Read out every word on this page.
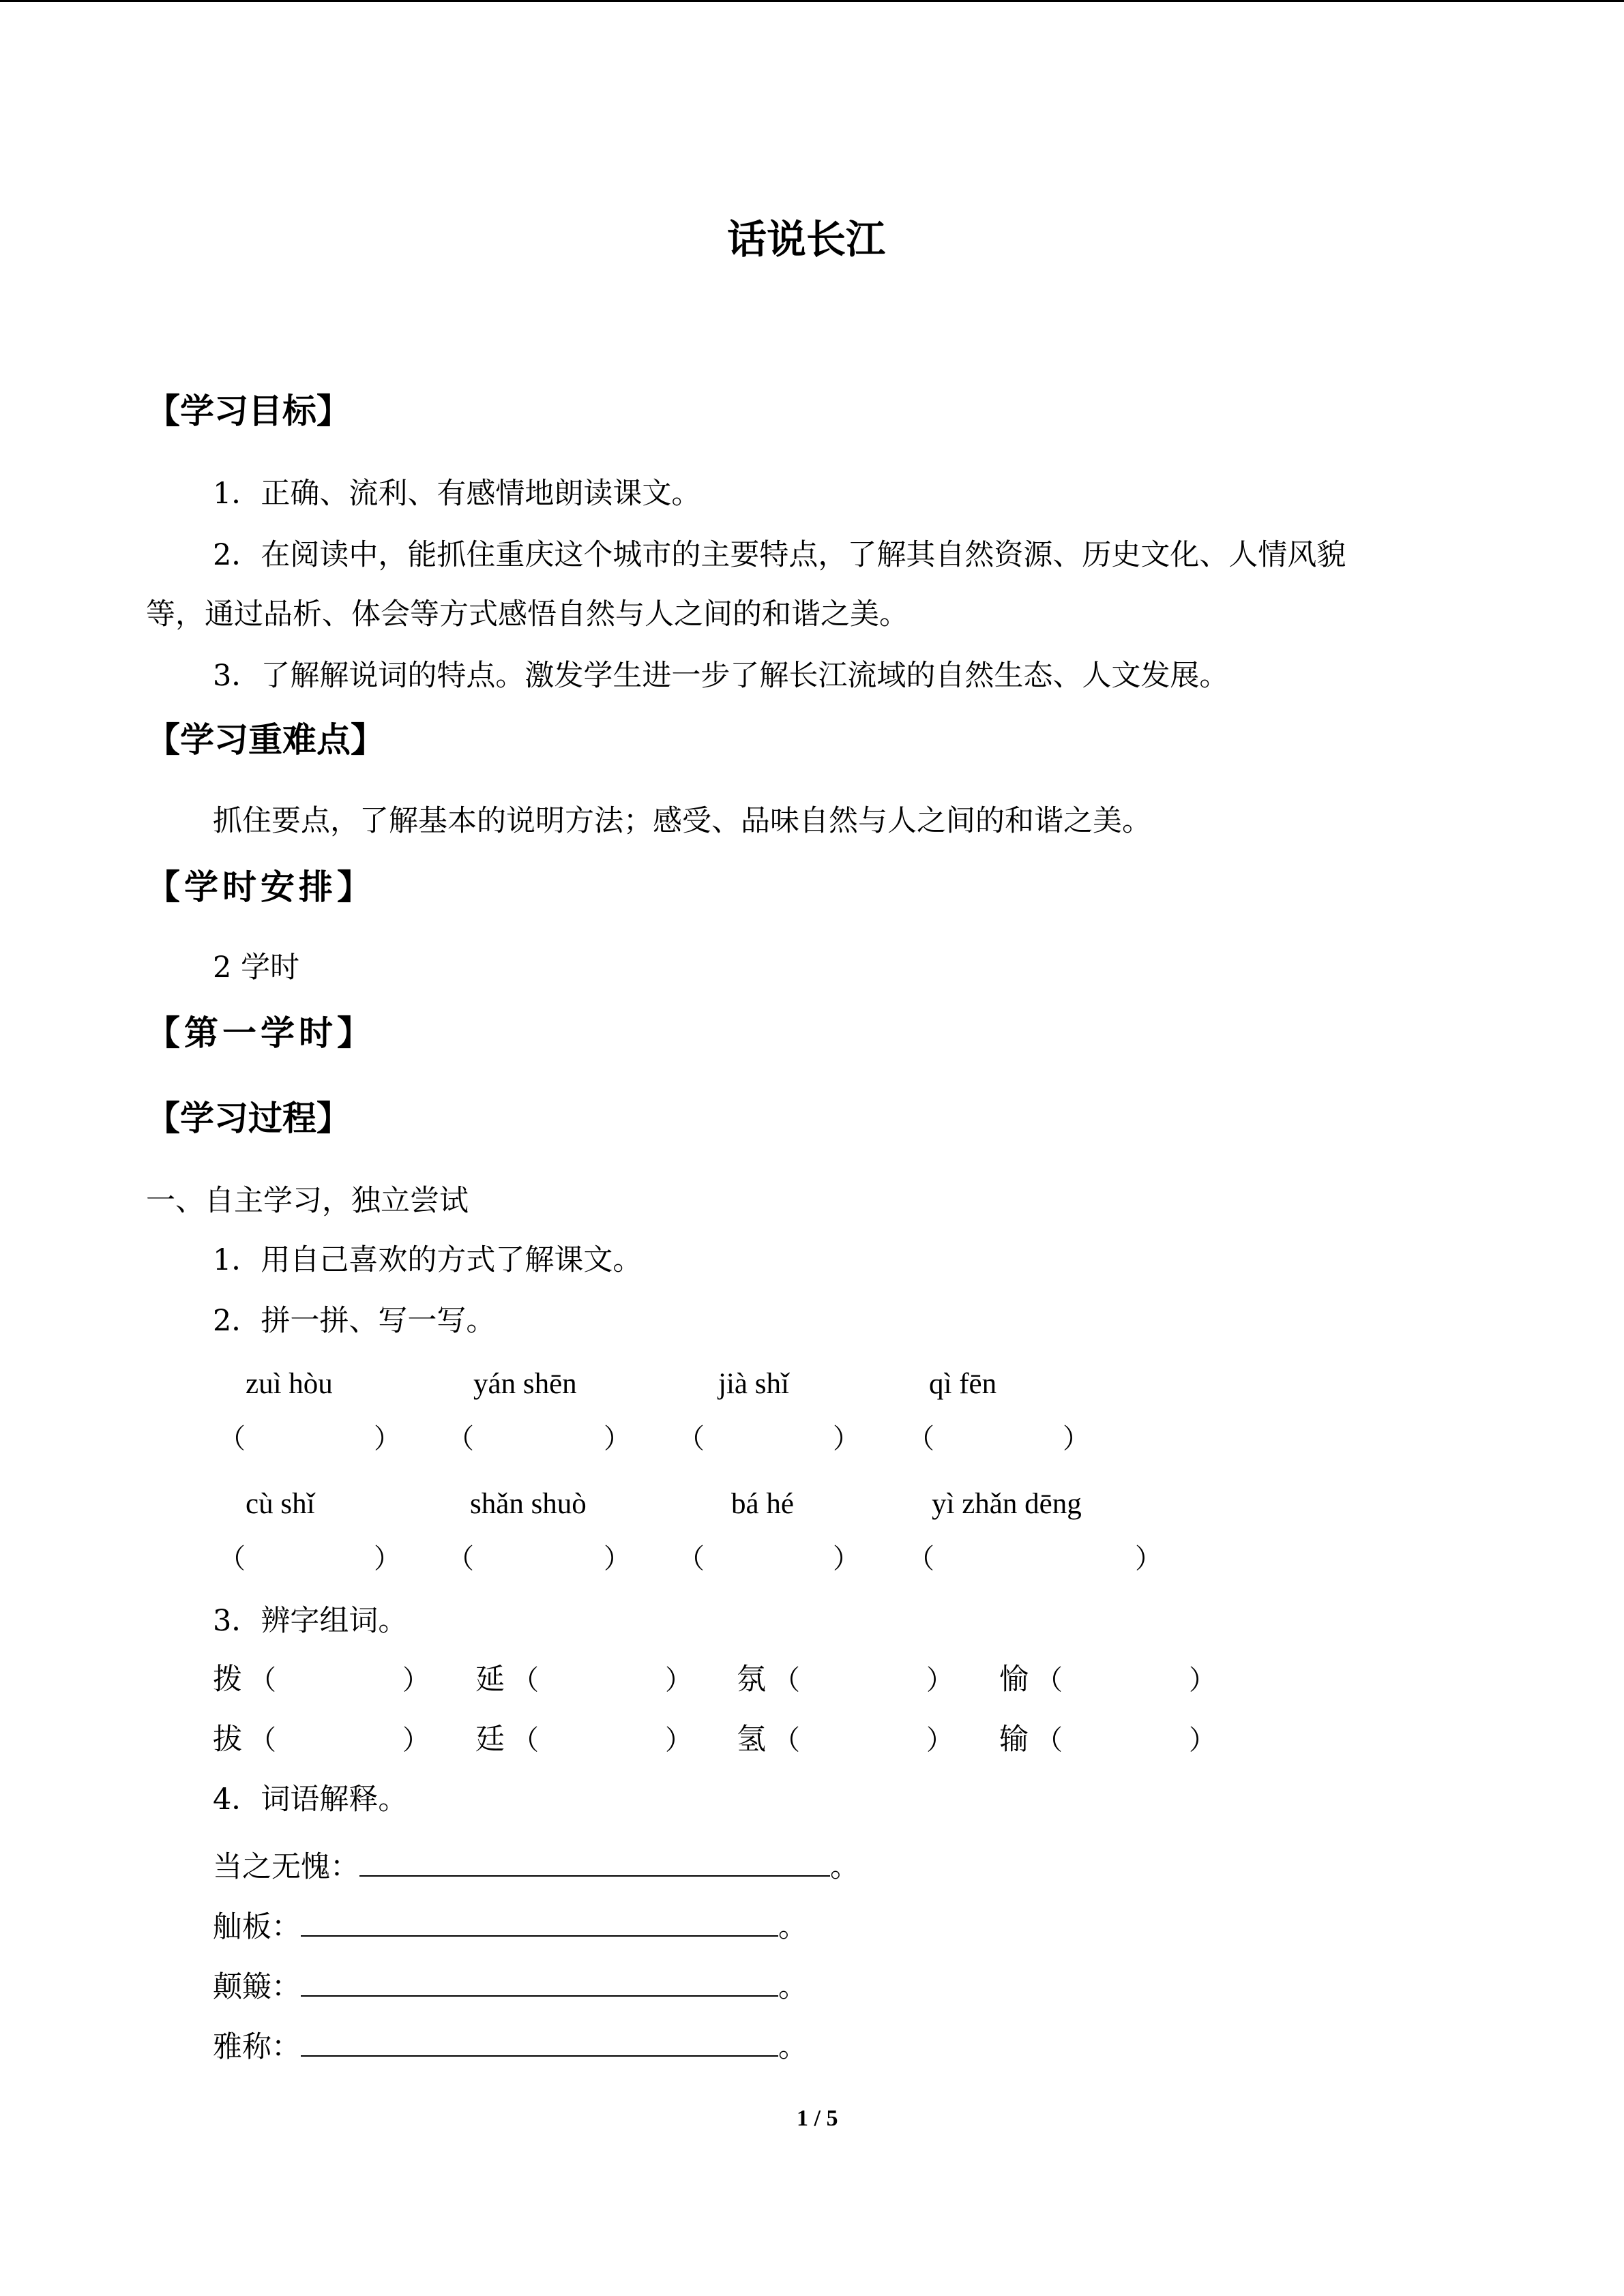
话说长江
【学习目标】
1．正确、流利、有感情地朗读课文。
2．在阅读中，能抓住重庆这个城市的主要特点，了解其自然资源、历史文化、人情风貌
等，通过品析、体会等方式感悟自然与人之间的和谐之美。
3．了解解说词的特点。激发学生进一步了解长江流域的自然生态、人文发展。
【学习重难点】
抓住要点，了解基本的说明方法；感受、品味自然与人之间的和谐之美。
【学时安排】
2 学时
【第一学时】
【学习过程】
一、自主学习，独立尝试
1．用自己喜欢的方式了解课文。
2．拼一拼、写一写。
zuì hòu	yán shēn	jià shǐ	qì fēn
（	） （	） （	） （	）
cù shǐ	shǎn shuò	bá hé	yì zhǎn dēng
（	） （	） （	） （	）
3．辨字组词。
拨 （	） 延 （	） 氛 （	） 愉 （	）
拔 （	） 廷 （	） 氢 （	） 输 （	）
4．词语解释。
当之无愧：	。
舢板：	。
颠簸：	。
雅称：	。
1 / 5
